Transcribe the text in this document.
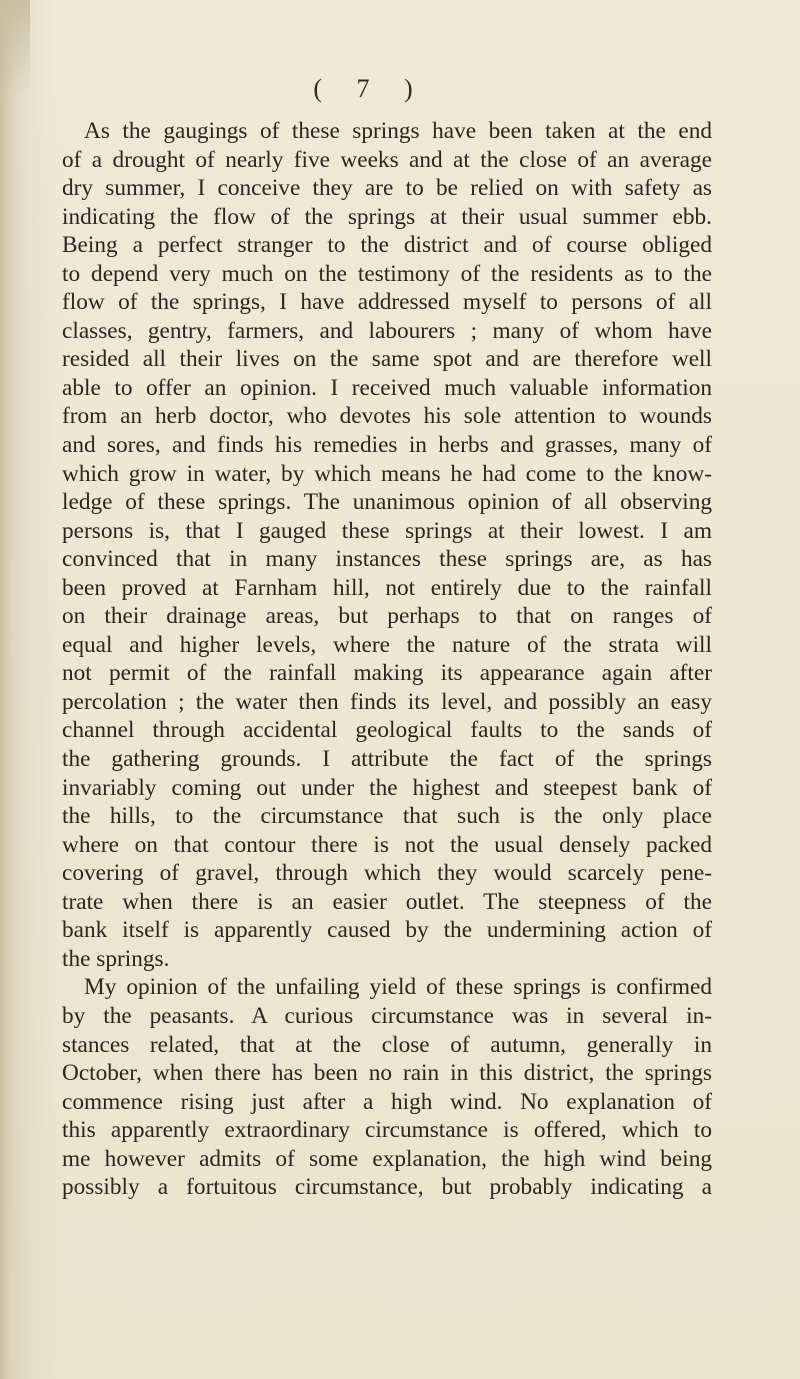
( 7 )
As the gaugings of these springs have been taken at the end
of a drought of nearly five weeks and at the close of an average
dry summer, I conceive they are to be relied on with safety as
indicating the flow of the springs at their usual summer ebb.
Being a perfect stranger to the district and of course obliged
to depend very much on the testimony of the residents as to the
flow of the springs, I have addressed myself to persons of all
classes, gentry, farmers, and labourers ; many of whom have
resided all their lives on the same spot and are therefore well
able to offer an opinion. I received much valuable information
from an herb doctor, who devotes his sole attention to wounds
and sores, and finds his remedies in herbs and grasses, many of
which grow in water, by which means he had come to the know-
ledge of these springs. The unanimous opinion of all observing
persons is, that I gauged these springs at their lowest. I am
convinced that in many instances these springs are, as has
been proved at Farnham hill, not entirely due to the rainfall
on their drainage areas, but perhaps to that on ranges of
equal and higher levels, where the nature of the strata will
not permit of the rainfall making its appearance again after
percolation ; the water then finds its level, and possibly an easy
channel through accidental geological faults to the sands of
the gathering grounds. I attribute the fact of the springs
invariably coming out under the highest and steepest bank of
the hills, to the circumstance that such is the only place
where on that contour there is not the usual densely packed
covering of gravel, through which they would scarcely pene-
trate when there is an easier outlet. The steepness of the
bank itself is apparently caused by the undermining action of
the springs.
My opinion of the unfailing yield of these springs is confirmed
by the peasants. A curious circumstance was in several in-
stances related, that at the close of autumn, generally in
October, when there has been no rain in this district, the springs
commence rising just after a high wind. No explanation of
this apparently extraordinary circumstance is offered, which to
me however admits of some explanation, the high wind being
possibly a fortuitous circumstance, but probably indicating a
